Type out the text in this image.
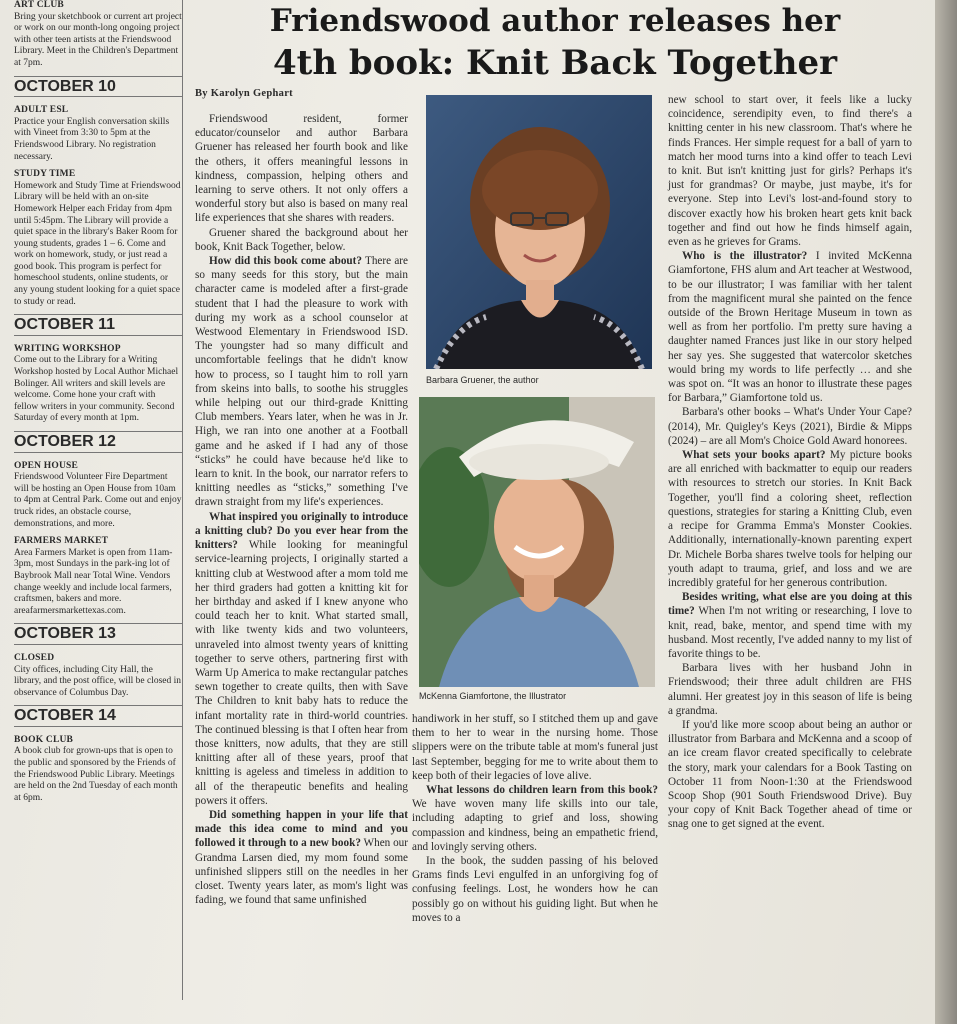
ART CLUB
Bring your sketchbook or current art project or work on our month-long ongoing project with other teen artists at the Friendswood Library. Meet in the Children's Department at 7pm.
OCTOBER 10
ADULT ESL
Practice your English conversation skills with Vineet from 3:30 to 5pm at the Friendswood Library. No registration necessary.
STUDY TIME
Homework and Study Time at Friendswood Library will be held with an on-site Homework Helper each Friday from 4pm until 5:45pm. The Library will provide a quiet space in the library's Baker Room for young students, grades 1 – 6. Come and work on homework, study, or just read a good book. This program is perfect for homeschool students, online students, or any young student looking for a quiet space to study or read.
OCTOBER 11
WRITING WORKSHOP
Come out to the Library for a Writing Workshop hosted by Local Author Michael Bolinger. All writers and skill levels are welcome. Come hone your craft with fellow writers in your community. Second Saturday of every month at 1pm.
OCTOBER 12
OPEN HOUSE
Friendswood Volunteer Fire Department will be hosting an Open House from 10am to 4pm at Central Park. Come out and enjoy truck rides, an obstacle course, demonstrations, and more.
FARMERS MARKET
Area Farmers Market is open from 11am-3pm, most Sundays in the park-ing lot of Baybrook Mall near Total Wine. Vendors change weekly and include local farmers, craftsmen, bakers and more. areafarmersmarkettexas.com.
OCTOBER 13
CLOSED
City offices, including City Hall, the library, and the post office, will be closed in observance of Columbus Day.
OCTOBER 14
BOOK CLUB
A book club for grown-ups that is open to the public and sponsored by the Friends of the Friendswood Public Library. Meetings are held on the 2nd Tuesday of each month at 6pm.
Friendswood author releases her
4th book: Knit Back Together
By Karolyn Gephart

Friendswood resident, former educator/counselor and author Barbara Gruener has released her fourth book and like the others, it offers meaningful lessons in kindness, compassion, helping others and learning to serve others. It not only offers a wonderful story but also is based on many real life experiences that she shares with readers.

Gruener shared the background about her book, Knit Back Together, below.

How did this book come about? There are so many seeds for this story, but the main character came is modeled after a first-grade student that I had the pleasure to work with during my work as a school counselor at Westwood Elementary in Friendswood ISD. The youngster had so many difficult and uncomfortable feelings that he didn't know how to process, so I taught him to roll yarn from skeins into balls, to soothe his struggles while helping out our third-grade Knitting Club members. Years later, when he was in Jr. High, we ran into one another at a Football game and he asked if I had any of those “sticks” he could have because he'd like to learn to knit. In the book, our narrator refers to knitting needles as “sticks,” something I've drawn straight from my life's experiences.

What inspired you originally to introduce a knitting club? Do you ever hear from the knitters? While looking for meaningful service-learning projects, I originally started a knitting club at Westwood after a mom told me her third graders had gotten a knitting kit for her birthday and asked if I knew anyone who could teach her to knit. What started small, with like twenty kids and two volunteers, unraveled into almost twenty years of knitting together to serve others, partnering first with Warm Up America to make rectangular patches sewn together to create quilts, then with Save The Children to knit baby hats to reduce the infant mortality rate in third-world countries. The continued blessing is that I often hear from those knitters, now adults, that they are still knitting after all of these years, proof that knitting is ageless and timeless in addition to all of the therapeutic benefits and healing powers it offers.

Did something happen in your life that made this idea come to mind and you followed it through to a new book? When our Grandma Larsen died, my mom found some unfinished slippers still on the needles in her closet. Twenty years later, as mom's light was fading, we found that same unfinished

handiwork in her stuff, so I stitched them up and gave them to her to wear in the nursing home. Those slippers were on the tribute table at mom's funeral just last September, begging for me to write about them to keep both of their legacies of love alive.

What lessons do children learn from this book? We have woven many life skills into our tale, including adapting to grief and loss, showing compassion and kindness, being an empathetic friend, and lovingly serving others.

In the book, the sudden passing of his beloved Grams finds Levi engulfed in an unforgiving fog of confusing feelings. Lost, he wonders how he can possibly go on without his guiding light. But when he moves to a

new school to start over, it feels like a lucky coincidence, serendipity even, to find there's a knitting center in his new classroom. That's where he finds Frances. Her simple request for a ball of yarn to match her mood turns into a kind offer to teach Levi to knit. But isn't knitting just for girls? Perhaps it's just for grandmas? Or maybe, just maybe, it's for everyone. Step into Levi's lost-and-found story to discover exactly how his broken heart gets knit back together and find out how he finds himself again, even as he grieves for Grams.

Who is the illustrator? I invited McKenna Giamfortone, FHS alum and Art teacher at Westwood, to be our illustrator; I was familiar with her talent from the magnificent mural she painted on the fence outside of the Brown Heritage Museum in town as well as from her portfolio. I'm pretty sure having a daughter named Frances just like in our story helped her say yes. She suggested that watercolor sketches would bring my words to life perfectly … and she was spot on. “It was an honor to illustrate these pages for Barbara,” Giamfortone told us.

Barbara's other books – What's Under Your Cape? (2014), Mr. Quigley's Keys (2021), Birdie & Mipps (2024) – are all Mom's Choice Gold Award honorees.

What sets your books apart? My picture books are all enriched with backmatter to equip our readers with resources to stretch our stories. In Knit Back Together, you'll find a coloring sheet, reflection questions, strategies for staring a Knitting Club, even a recipe for Gramma Emma's Monster Cookies. Additionally, internationally-known parenting expert Dr. Michele Borba shares twelve tools for helping our youth adapt to trauma, grief, and loss and we are incredibly grateful for her generous contribution.

Besides writing, what else are you doing at this time? When I'm not writing or researching, I love to knit, read, bake, mentor, and spend time with my husband. Most recently, I've added nanny to my list of favorite things to be.

Barbara lives with her husband John in Friendswood; their three adult children are FHS alumni. Her greatest joy in this season of life is being a grandma.

If you'd like more scoop about being an author or illustrator from Barbara and McKenna and a scoop of an ice cream flavor created specifically to celebrate the story, mark your calendars for a Book Tasting on October 11 from Noon-1:30 at the Friendswood Scoop Shop (901 South Friendswood Drive). Buy your copy of Knit Back Together ahead of time or snag one to get signed at the event.

Barbara Gruener, the author
McKenna Giamfortone, the Illustrator
